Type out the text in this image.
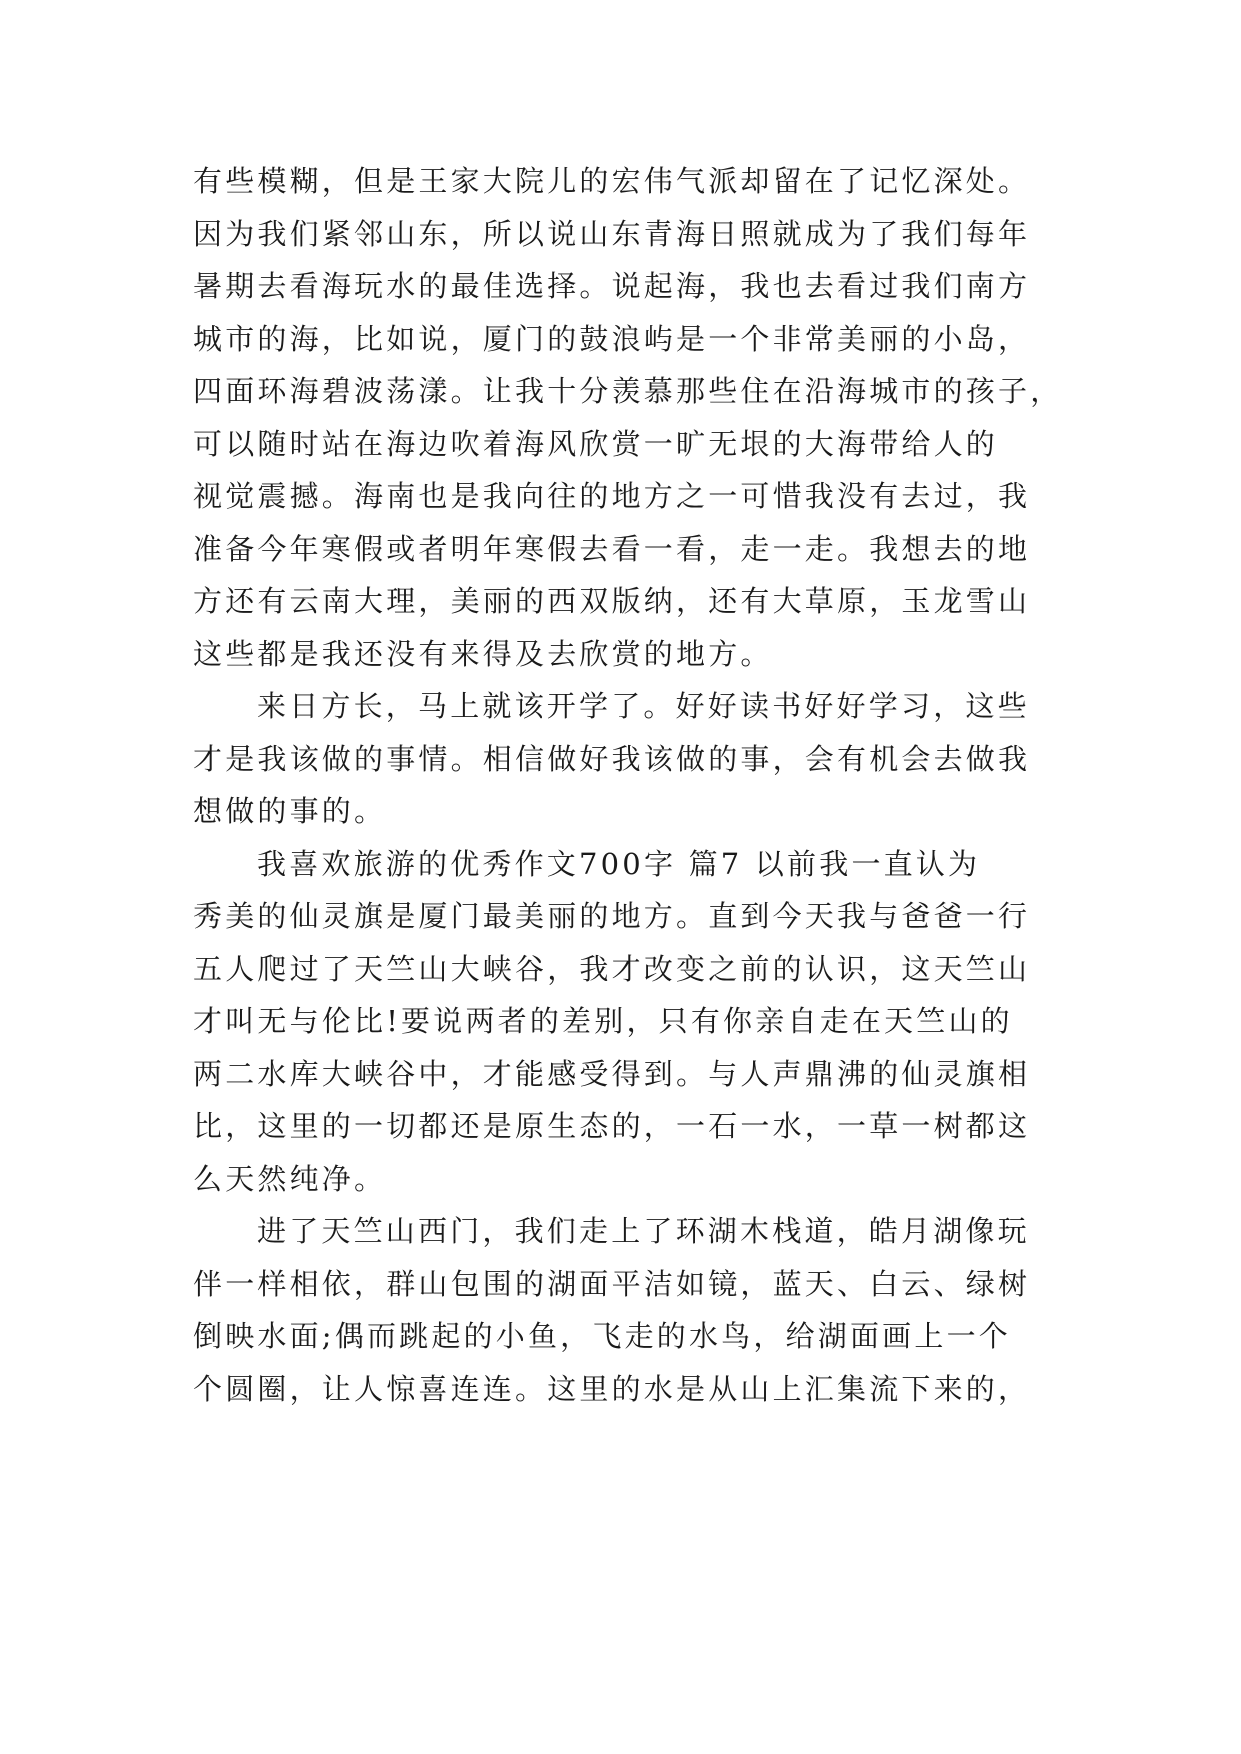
有些模糊，但是王家大院儿的宏伟气派却留在了记忆深处。
因为我们紧邻山东，所以说山东青海日照就成为了我们每年
暑期去看海玩水的最佳选择。说起海，我也去看过我们南方
城市的海，比如说，厦门的鼓浪屿是一个非常美丽的小岛，
四面环海碧波荡漾。让我十分羡慕那些住在沿海城市的孩子，
可以随时站在海边吹着海风欣赏一旷无垠的大海带给人的
视觉震撼。海南也是我向往的地方之一可惜我没有去过，我
准备今年寒假或者明年寒假去看一看，走一走。我想去的地
方还有云南大理，美丽的西双版纳，还有大草原，玉龙雪山
这些都是我还没有来得及去欣赏的地方。
来日方长，马上就该开学了。好好读书好好学习，这些
才是我该做的事情。相信做好我该做的事，会有机会去做我
想做的事的。
我喜欢旅游的优秀作文700字 篇7 以前我一直认为
秀美的仙灵旗是厦门最美丽的地方。直到今天我与爸爸一行
五人爬过了天竺山大峡谷，我才改变之前的认识，这天竺山
才叫无与伦比!要说两者的差别，只有你亲自走在天竺山的
两二水库大峡谷中，才能感受得到。与人声鼎沸的仙灵旗相
比，这里的一切都还是原生态的，一石一水，一草一树都这
么天然纯净。
进了天竺山西门，我们走上了环湖木栈道，皓月湖像玩
伴一样相依，群山包围的湖面平洁如镜，蓝天、白云、绿树
倒映水面;偶而跳起的小鱼，飞走的水鸟，给湖面画上一个
个圆圈，让人惊喜连连。这里的水是从山上汇集流下来的，
